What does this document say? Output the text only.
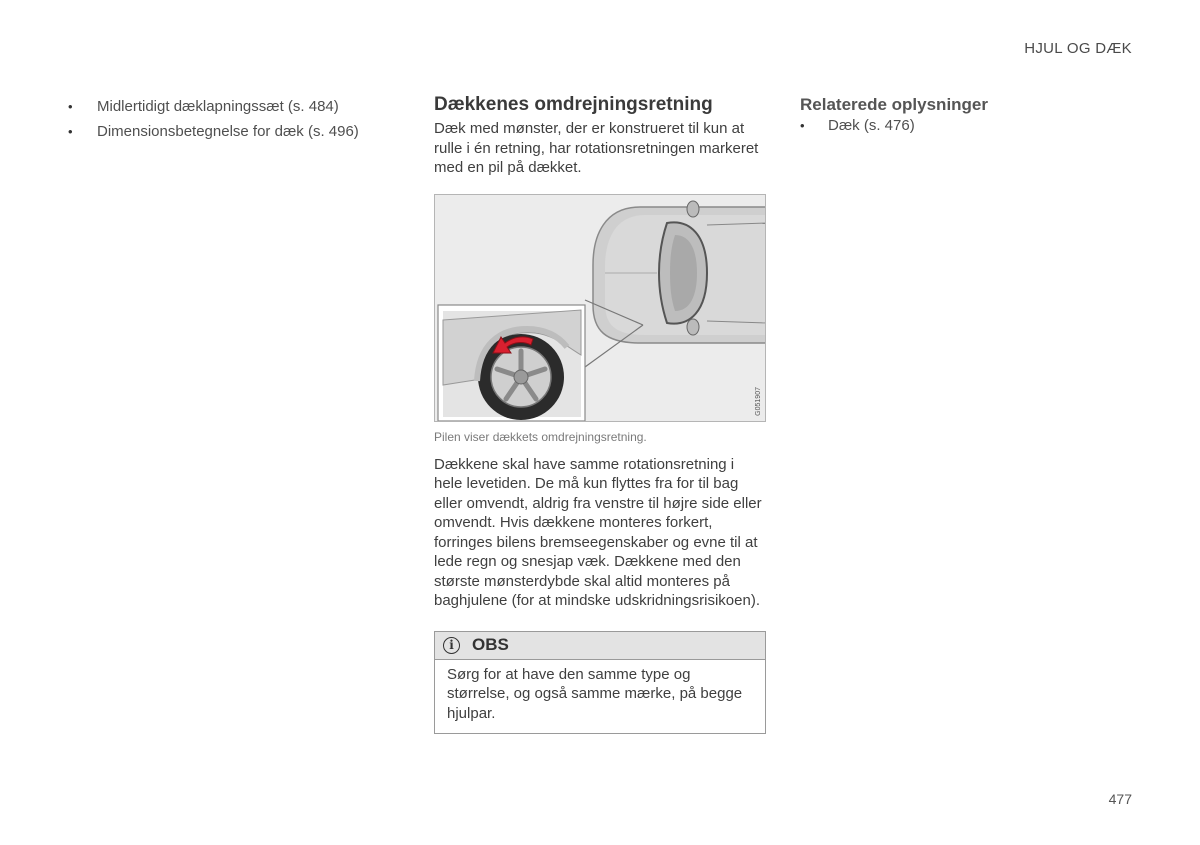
HJUL OG DÆK
• Midlertidigt dæklapningssæt (s. 484)
• Dimensionsbetegnelse for dæk (s. 496)
Dækkenes omdrejningsretning

Dæk med mønster, der er konstrueret til kun at rulle i én retning, har rotationsretningen markeret med en pil på dækket.

G051907
Pilen viser dækkets omdrejningsretning.
Dækkene skal have samme rotationsretning i hele levetiden. De må kun flyttes fra for til bag eller omvendt, aldrig fra venstre til højre side eller omvendt. Hvis dækkene monteres forkert, forringes bilens bremseegenskaber og evne til at lede regn og snesjap væk. Dækkene med den største mønsterdybde skal altid monteres på baghjulene (for at mindske udskridningsrisikoen).
i	OBS
Sørg for at have den samme type og størrelse, og også samme mærke, på begge hjulpar.
Relaterede oplysninger
• Dæk (s. 476)
477
